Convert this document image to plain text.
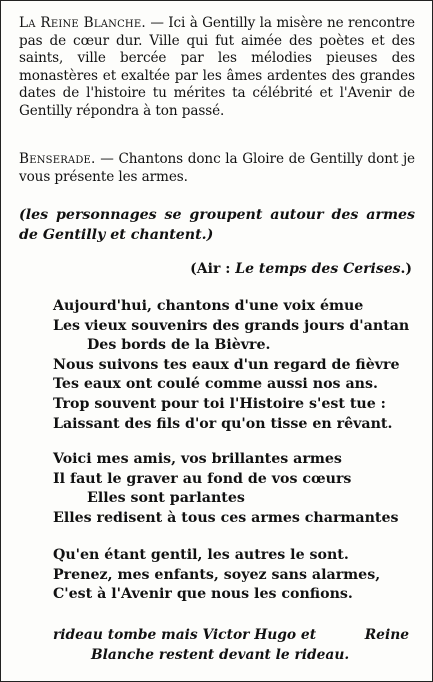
La Reine Blanche. — Ici à Gentilly la misère ne rencontre pas de cœur dur. Ville qui fut aimée des poètes et des saints, ville bercée par les mélodies pieuses des monastères et exaltée par les âmes ardentes des grandes dates de l'histoire tu mérites ta célébrité et l'Avenir de Gentilly répondra à ton passé.
Benserade. — Chantons donc la Gloire de Gentilly dont je vous présente les armes.
(les personnages se groupent autour des armes de Gentilly et chantent.)
(Air : Le temps des Cerises.)
Aujourd'hui, chantons d'une voix émue
Les vieux souvenirs des grands jours d'antan
Des bords de la Bièvre.
Nous suivons tes eaux d'un regard de fièvre
Tes eaux ont coulé comme aussi nos ans.
Trop souvent pour toi l'Histoire s'est tue :
Laissant des fils d'or qu'on tisse en rêvant.
Voici mes amis, vos brillantes armes
Il faut le graver au fond de vos cœurs
Elles sont parlantes
Elles redisent à tous ces armes charmantes
Qu'en étant gentil, les autres le sont.
Prenez, mes enfants, soyez sans alarmes,
C'est à l'Avenir que nous les confions.
rideau tombe mais Victor Hugo et	Reine
Blanche restent devant le rideau.
